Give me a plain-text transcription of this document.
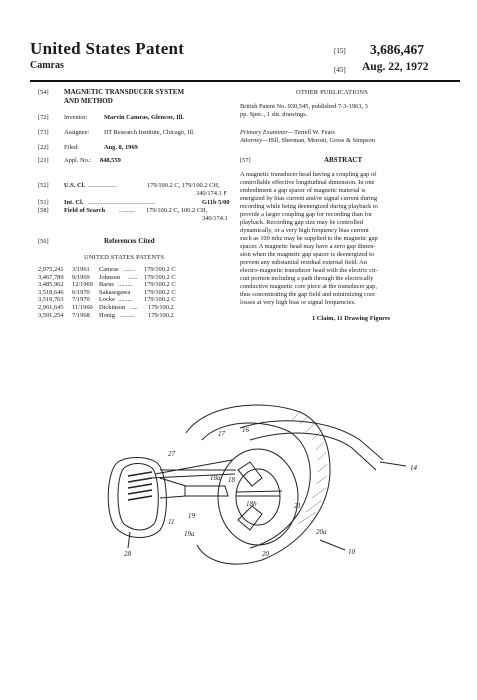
United States Patent
Camras
[15] 3,686,467
[45] Aug. 22, 1972
[54] MAGNETIC TRANSDUCER SYSTEM
AND METHOD
[72] Inventor:	Marvin Camras, Glencoe, Ill.
[73] Assignee: IIT Research Institute, Chicago, Ill.
[22] Filed:	Aug. 8, 1969
[21] Appl. No.: 848,559
[52] U.S. Cl. ..................	179/100.2 C, 179/100.2 CH,
340/174.1 F
[51] Int. Cl. ..........................................	G11b 5/00
[58] Field of Search .......... 179/100.2 C, 100.2 CH,
340/174.1
[56]	References Cited
UNITED STATES PATENTS
2,975,241 3/1961 Camras ....... 179/100.2 C
3,467,789 9/1969 Johnson ...... 179/100.2 C
3,485,962 12/1969 Barns ......... 179/100.2 C
3,518,646 6/1970 Sakasegawa 179/100.2 C
3,519,763 7/1970 Locke ......... 179/100.2 C
2,961,645 11/1960 Dickinson ..... 179/100.2
3,591,254 7/1968 Honig ......... 179/100.2
OTHER PUBLICATIONS
British Patent No. 930,545, published 7-3-1963, 3
pp. Spec., 1 sht. drawings.
Primary Examiner—Terrell W. Fears
Attorney—Hill, Sherman, Meroni, Gross & Simpson
[57]	ABSTRACT
A magnetic transducer head having a coupling gap of
controllable effective longitudinal dimension. In one
embodiment a gap spacer of magnetic material is
energized by bias current and/or signal current during
recording while being deenergized during playback to
provide a larger coupling gap for recording than for
playback. Recording gap size may be controlled
dynamically, or a very high frequency bias current
such as 100 mhz may be supplied to the magnetic gap
spacer. A magnetic head may have a zero gap dimen-
sion when the magnetic gap spacer is deenergized to
prevent any substantial residual external field. An
electro-magnetic transducer head with the electric cir-
cuit portion including a path through the electrically
conductive magnetic core piece at the transducer gap,
thus concentrating the gap field and minimizing core
losses at very high bias or signal frequencies.
1 Claim, 11 Drawing Figures
17
27
14
16
18
18a
18b
19
19a
20
20a
21
10
11
28
